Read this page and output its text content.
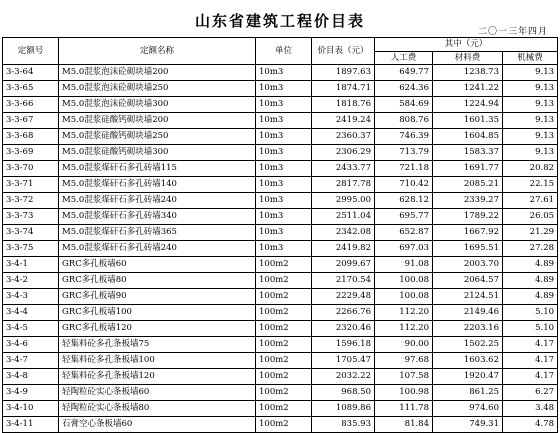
山东省建筑工程价目表
二〇一三年四月
定额号	定额名称	单位	价目表（元）	其中（元）		
				人工费	材料费	机械费
3-3-64	M5.0混浆泡沫砼砌块墙200	10m3	1897.63	649.77	1238.73	9.13
3-3-65	M5.0混浆泡沫砼砌块墙250	10m3	1874.71	624.36	1241.22	9.13
3-3-66	M5.0混浆泡沫砼砌块墙300	10m3	1818.76	584.69	1224.94	9.13
3-3-67	M5.0混浆硅酸钙砌块墙200	10m3	2419.24	808.76	1601.35	9.13
3-3-68	M5.0混浆硅酸钙砌块墙250	10m3	2360.37	746.39	1604.85	9.13
3-3-69	M5.0混浆硅酸钙砌块墙300	10m3	2306.29	713.79	1583.37	9.13
3-3-70	M5.0混浆煤矸石多孔砖墙115	10m3	2433.77	721.18	1691.77	20.82
3-3-71	M5.0混浆煤矸石多孔砖墙140	10m3	2817.78	710.42	2085.21	22.15
3-3-72	M5.0混浆煤矸石多孔砖墙240	10m3	2995.00	628.12	2339.27	27.61
3-3-73	M5.0混浆煤矸石多孔砖墙340	10m3	2511.04	695.77	1789.22	26.05
3-3-74	M5.0混浆煤矸石多孔砖墙365	10m3	2342.08	652.87	1667.92	21.29
3-3-75	M5.0混浆煤矸石多孔砖墙240	10m3	2419.82	697.03	1695.51	27.28
3-4-1	GRC多孔板墙60	100m2	2099.67	91.08	2003.70	4.89
3-4-2	GRC多孔板墙80	100m2	2170.54	100.08	2064.57	4.89
3-4-3	GRC多孔板墙90	100m2	2229.48	100.08	2124.51	4.89
3-4-4	GRC多孔板墙100	100m2	2266.76	112.20	2149.46	5.10
3-4-5	GRC多孔板墙120	100m2	2320.46	112.20	2203.16	5.10
3-4-6	轻集料砼多孔条板墙75	100m2	1596.18	90.00	1502.25	4.17
3-4-7	轻集料砼多孔条板墙100	100m2	1705.47	97.68	1603.62	4.17
3-4-8	轻集料砼多孔条板墙120	100m2	2032.22	107.58	1920.47	4.17
3-4-9	轻陶粒砼实心条板墙60	100m2	968.50	100.98	861.25	6.27
3-4-10	轻陶粒砼实心条板墙80	100m2	1089.86	111.78	974.60	3.48
3-4-11	石膏空心条板墙60	100m2	835.93	81.84	749.31	4.78
